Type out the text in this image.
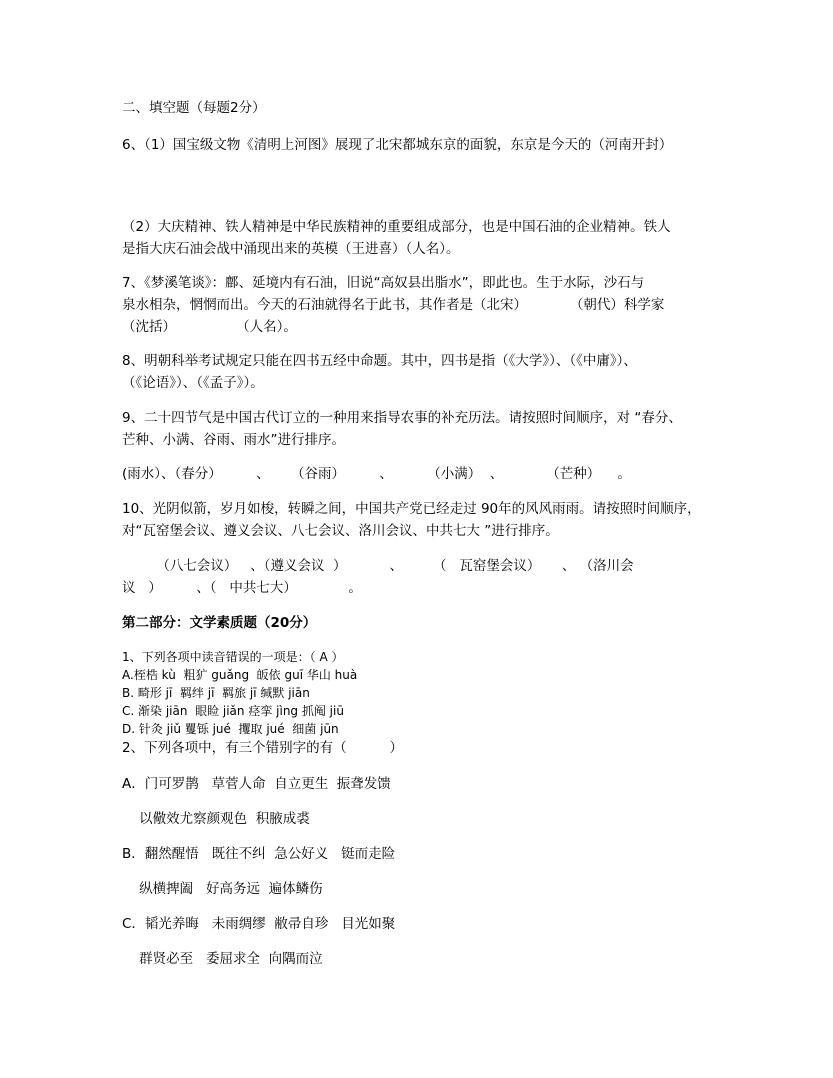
二、填空题（每题2分）
6、（1）国宝级文物《清明上河图》展现了北宋都城东京的面貌，东京是今天的（河南开封）
（2）大庆精神、铁人精神是中华民族精神的重要组成部分，也是中国石油的企业精神。铁人
是指大庆石油会战中涌现出来的英模（王进喜）（人名）。
7、《梦溪笔谈》：鄜、延境内有石油，旧说“高奴县出脂水”，即此也。生于水际，沙石与
泉水相杂，惘惘而出。今天的石油就得名于此书，其作者是（北宋）          （朝代）科学家
（沈括）              （人名）。
8、明朝科举考试规定只能在四书五经中命题。其中，四书是指（《大学》）、（《中庸》）、
（《论语》）、（《孟子》）。
9、二十四节气是中国古代订立的一种用来指导农事的补充历法。请按照时间顺序，对 “春分、
芒种、小满、谷雨、雨水”进行排序。
(雨水）、（春分）        、     （谷雨）        、        （小满）  、          （芒种）    。
10、光阴似箭，岁月如梭，转瞬之间，中国共产党已经走过 90年的风风雨雨。请按照时间顺序，
对“瓦窑堡会议、遵义会议、八七会议、洛川会议、中共七大 ”进行排序。
（八七会议）   、（遵义会议  ）          、       （   瓦窑堡会议）     、 （洛川会
议   ）        、（   中共七大）            。
第二部分：文学素质题（20分）
1、下列各项中读音错误的一项是：（ A ）
A.桎梏 kù  粗犷 guǎng  皈依 guī 华山 huà
B. 畸形 jī  羁绊 jī  羁旅 jī 缄默 jiān
C. 渐染 jiān  眼睑 jiǎn 痉挛 jìng 抓阄 jiū
D. 针灸 jiǔ 矍铄 jué  攫取 jué  细菌 jūn
2、下列各项中，有三个错别字的有（          ）
A．门可罗鹊   草菅人命  自立更生  振聋发馈
以儆效尤察颜观色  积腋成裘
B．翻然醒悟   既往不纠  急公好义   铤而走险
纵横捭阖   好高务远  遍体鳞伤
C．韬光养晦   未雨绸缪  敝帚自珍   目光如聚
群贤必至   委屈求全  向隅而泣
